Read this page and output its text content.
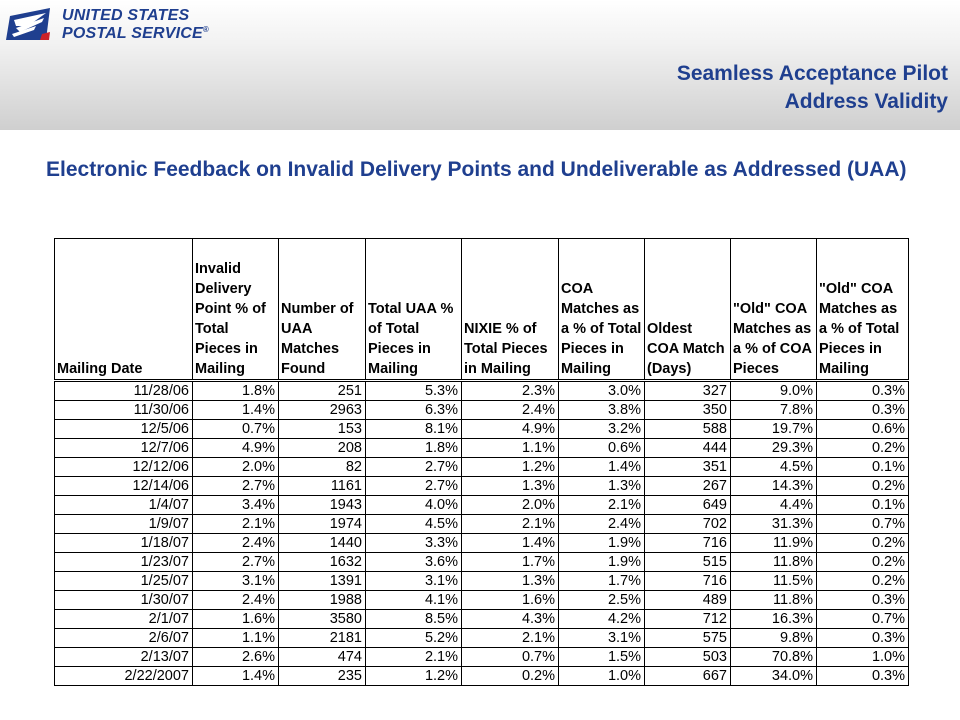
UNITED STATES
POSTAL SERVICE®
Seamless Acceptance Pilot
Address Validity
Electronic Feedback on Invalid Delivery Points and Undeliverable as Addressed (UAA)
Mailing Date	Invalid Delivery Point % of Total Pieces in Mailing	Number of UAA Matches Found	Total UAA % of Total Pieces in Mailing	NIXIE % of Total Pieces in Mailing	COA Matches as a % of Total Pieces in Mailing	Oldest COA Match (Days)	"Old" COA Matches as a % of COA Pieces	"Old" COA Matches as a % of Total Pieces in Mailing
11/28/06	1.8%	251	5.3%	2.3%	3.0%	327	9.0%	0.3%
11/30/06	1.4%	2963	6.3%	2.4%	3.8%	350	7.8%	0.3%
12/5/06	0.7%	153	8.1%	4.9%	3.2%	588	19.7%	0.6%
12/7/06	4.9%	208	1.8%	1.1%	0.6%	444	29.3%	0.2%
12/12/06	2.0%	82	2.7%	1.2%	1.4%	351	4.5%	0.1%
12/14/06	2.7%	1161	2.7%	1.3%	1.3%	267	14.3%	0.2%
1/4/07	3.4%	1943	4.0%	2.0%	2.1%	649	4.4%	0.1%
1/9/07	2.1%	1974	4.5%	2.1%	2.4%	702	31.3%	0.7%
1/18/07	2.4%	1440	3.3%	1.4%	1.9%	716	11.9%	0.2%
1/23/07	2.7%	1632	3.6%	1.7%	1.9%	515	11.8%	0.2%
1/25/07	3.1%	1391	3.1%	1.3%	1.7%	716	11.5%	0.2%
1/30/07	2.4%	1988	4.1%	1.6%	2.5%	489	11.8%	0.3%
2/1/07	1.6%	3580	8.5%	4.3%	4.2%	712	16.3%	0.7%
2/6/07	1.1%	2181	5.2%	2.1%	3.1%	575	9.8%	0.3%
2/13/07	2.6%	474	2.1%	0.7%	1.5%	503	70.8%	1.0%
2/22/2007	1.4%	235	1.2%	0.2%	1.0%	667	34.0%	0.3%
